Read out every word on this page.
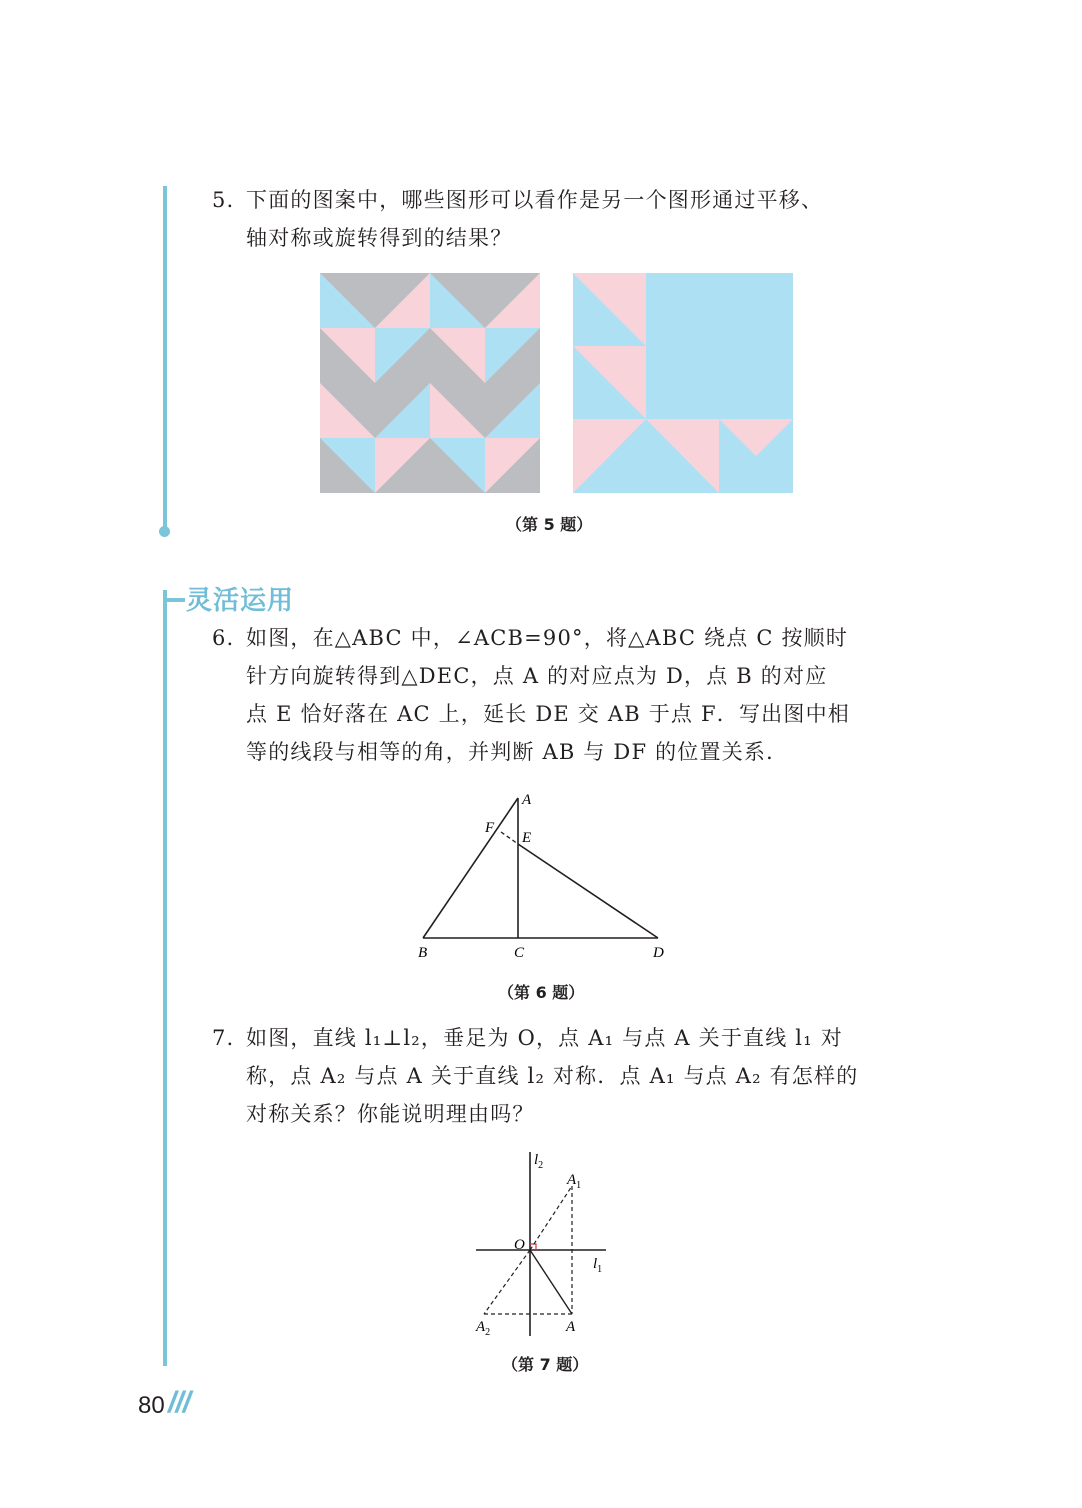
5. 下面的图案中，哪些图形可以看作是另一个图形通过平移、
轴对称或旋转得到的结果？
（第 5 题）
灵活运用
6. 如图，在△ABC 中，∠ACB=90°，将△ABC 绕点 C 按顺时
针方向旋转得到△DEC，点 A 的对应点为 D，点 B 的对应
点 E 恰好落在 AC 上，延长 DE 交 AB 于点 F．写出图中相
等的线段与相等的角，并判断 AB 与 DF 的位置关系．
A
F
E
B	C	D
（第 6 题）
7. 如图，直线 l₁⊥l₂，垂足为 O，点 A₁ 与点 A 关于直线 l₁ 对
称，点 A₂ 与点 A 关于直线 l₂ 对称．点 A₁ 与点 A₂ 有怎样的
对称关系？你能说明理由吗？
$l_2$
$A_1$
O
$l_1$
$A_2$	A
（第 7 题）
80 ///
